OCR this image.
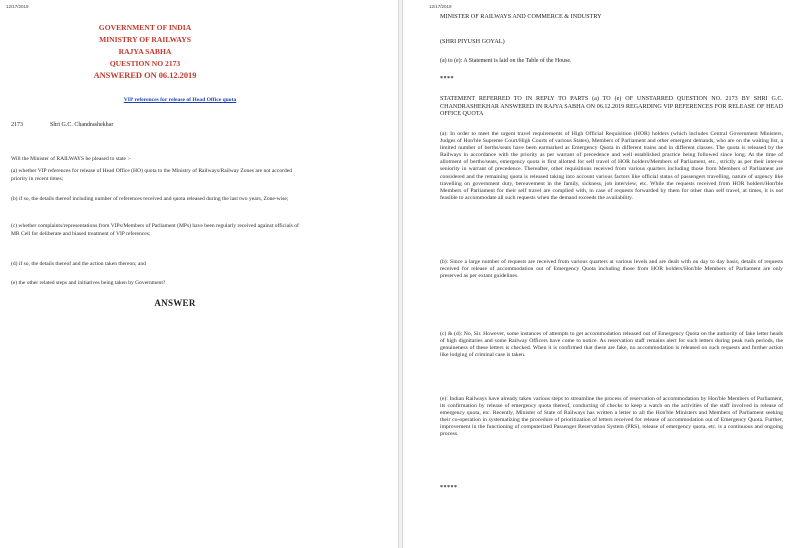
12/17/2019
GOVERNMENT OF INDIA
MINISTRY OF RAILWAYS
RAJYA SABHA
QUESTION NO 2173
ANSWERED ON 06.12.2019
VIP references for release of Head Office quota
2173	Shri G.C. Chandrashekhar
Will the Minister of RAILWAYS be pleased to state :-
(a) whether VIP references for release of Head Office (HO) quota to the Ministry of Railways/Railway Zones are not accorded priority in recent times;
(b) if so, the details thereof including number of references received and quota released during the last two years, Zone-wise;
(c) whether complaints/representations from VIPs/Members of Parliament (MPs) have been regularly received against officials of MR Cell for deliberate and biased treatment of VIP references;
(d) if so, the details thereof and the action taken thereon; and
(e) the other related steps and initiatives being taken by Government?
ANSWER
12/17/2019
MINISTER OF RAILWAYS AND COMMERCE & INDUSTRY
(SHRI PIYUSH GOYAL)
(a) to (e): A Statement is laid on the Table of the House.
****
STATEMENT REFERRED TO IN REPLY TO PARTS (a) TO (e) OF UNSTARRED QUESTION NO. 2173 BY SHRI G.C. CHANDRASHEKHAR ANSWERED IN RAJYA SABHA ON 06.12.2019 REGARDING VIP REFERENCES FOR RELEASE OF HEAD OFFICE QUOTA
(a): In order to meet the urgent travel requirements of High Official Requisition (HOR) holders (which includes Central Government Ministers, Judges of Hon'ble Supreme Court/High Courts of various States), Members of Parliament and other emergent demands, who are on the waiting list, a limited number of berths/seats have been earmarked as Emergency Quota in different trains and in different classes. The quota is released by the Railways in accordance with the priority as per warrant of precedence and well established practice being followed since long. At the time of allotment of berths/seats, emergency quota is first allotted for self travel of HOR holders/Members of Parliament, etc., strictly as per their inter-se seniority in warrant of precedence. Thereafter, other requisitions received from various quarters including those from Members of Parliament are considered and the remaining quota is released taking into account various factors like official status of passengers travelling, nature of urgency like travelling on government duty, bereavement in the family, sickness, job interview, etc. While the requests received from HOR holders/Hon'ble Members of Parliament for their self travel are complied with, in case of requests forwarded by them for other than self travel, at times, it is not feasible to accommodate all such requests when the demand exceeds the availability.
(b): Since a large number of requests are received from various quarters at various levels and are dealt with on day to day basis, details of requests received for release of accommodation out of Emergency Quota including those from HOR holders/Hon'ble Members of Parliament are only preserved as per extant guidelines.
(c) & (d): No, Sir. However, some instances of attempts to get accommodation released out of Emergency Quota on the authority of fake letter heads of high dignitaries and some Railway Officers have come to notice. As reservation staff remains alert for such letters during peak rush periods, the genuineness of these letters is checked. When it is confirmed that these are fake, no accommodation is released on such requests and further action like lodging of criminal case is taken.
(e): Indian Railways have already taken various steps to streamline the process of reservation of accommodation by Hon'ble Members of Parliament, its confirmation by release of emergency quota thereof, conducting of checks to keep a watch on the activities of the staff involved in release of emergency quota, etc. Recently, Minister of State of Railways has written a letter to all the Hon'ble Ministers and Members of Parliament seeking their co-operation in systematizing the procedure of prioritization of letters received for release of accommodation out of Emergency Quota. Further, improvement in the functioning of computerized Passenger Reservation System (PRS), release of emergency quota, etc. is a continuous and ongoing process.
*****
